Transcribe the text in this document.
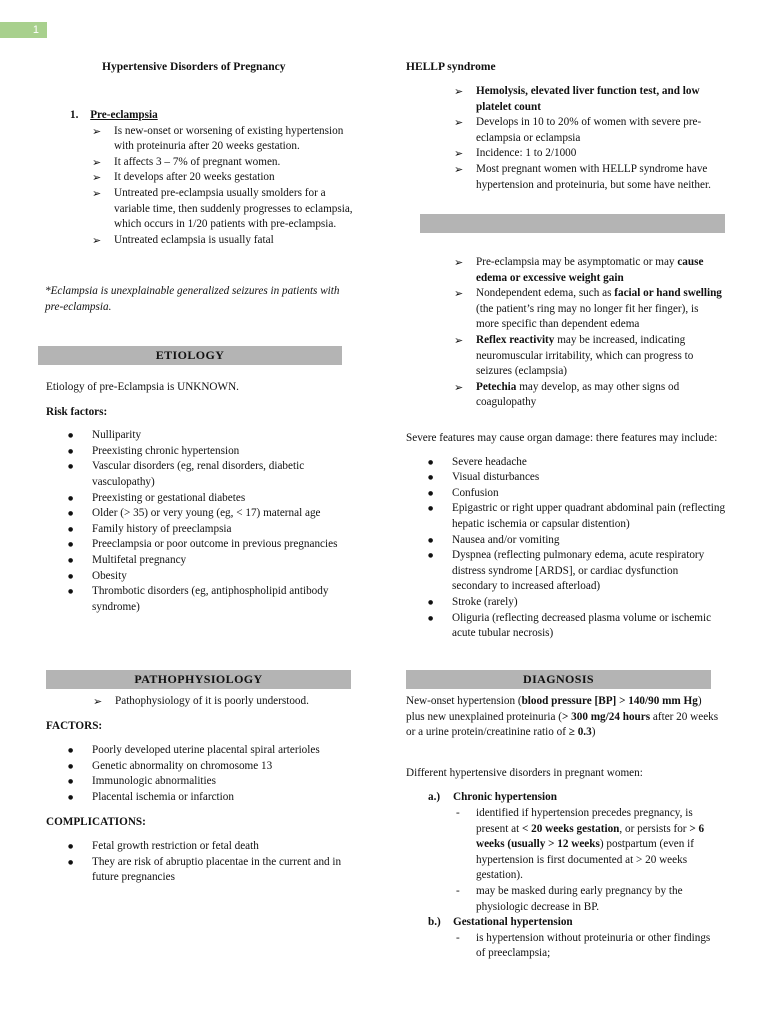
1
Hypertensive Disorders of Pregnancy
1. Pre-eclampsia
➢ Is new-onset or worsening of existing hypertension with proteinuria after 20 weeks gestation.
➢ It affects 3 – 7% of pregnant women.
➢ It develops after 20 weeks gestation
➢ Untreated pre-eclampsia usually smolders for a variable time, then suddenly progresses to eclampsia, which occurs in 1/20 patients with pre-eclampsia.
➢ Untreated eclampsia is usually fatal
*Eclampsia is unexplainable generalized seizures in patients with pre-eclampsia.
ETIOLOGY
Etiology of pre-Eclampsia is UNKNOWN.
Risk factors:
● Nulliparity
● Preexisting chronic hypertension
● Vascular disorders (eg, renal disorders, diabetic vasculopathy)
● Preexisting or gestational diabetes
● Older (> 35) or very young (eg, < 17) maternal age
● Family history of preeclampsia
● Preeclampsia or poor outcome in previous pregnancies
● Multifetal pregnancy
● Obesity
● Thrombotic disorders (eg, antiphospholipid antibody syndrome)
PATHOPHYSIOLOGY
➢ Pathophysiology of it is poorly understood.
FACTORS:
● Poorly developed uterine placental spiral arterioles
● Genetic abnormality on chromosome 13
● Immunologic abnormalities
● Placental ischemia or infarction
COMPLICATIONS:
● Fetal growth restriction or fetal death
● They are risk of abruptio placentae in the current and in future pregnancies
HELLP syndrome
➢ Hemolysis, elevated liver function test, and low platelet count
➢ Develops in 10 to 20% of women with severe pre-eclampsia or eclampsia
➢ Incidence: 1 to 2/1000
➢ Most pregnant women with HELLP syndrome have hypertension and proteinuria, but some have neither.
➢ Pre-eclampsia may be asymptomatic or may cause edema or excessive weight gain
➢ Nondependent edema, such as facial or hand swelling (the patient’s ring may no longer fit her finger), is more specific than dependent edema
➢ Reflex reactivity may be increased, indicating neuromuscular irritability, which can progress to seizures (eclampsia)
➢ Petechia may develop, as may other signs od coagulopathy
Severe features may cause organ damage: there features may include:
● Severe headache
● Visual disturbances
● Confusion
● Epigastric or right upper quadrant abdominal pain (reflecting hepatic ischemia or capsular distention)
● Nausea and/or vomiting
● Dyspnea (reflecting pulmonary edema, acute respiratory distress syndrome [ARDS], or cardiac dysfunction secondary to increased afterload)
● Stroke (rarely)
● Oliguria (reflecting decreased plasma volume or ischemic acute tubular necrosis)
DIAGNOSIS
New-onset hypertension (blood pressure [BP] > 140/90 mm Hg) plus new unexplained proteinuria (> 300 mg/24 hours after 20 weeks or a urine protein/creatinine ratio of ≥ 0.3)
Different hypertensive disorders in pregnant women:
a.) Chronic hypertension
- identified if hypertension precedes pregnancy, is present at < 20 weeks gestation, or persists for > 6 weeks (usually > 12 weeks) postpartum (even if hypertension is first documented at > 20 weeks gestation).
- may be masked during early pregnancy by the physiologic decrease in BP.
b.) Gestational hypertension
- is hypertension without proteinuria or other findings of preeclampsia;
